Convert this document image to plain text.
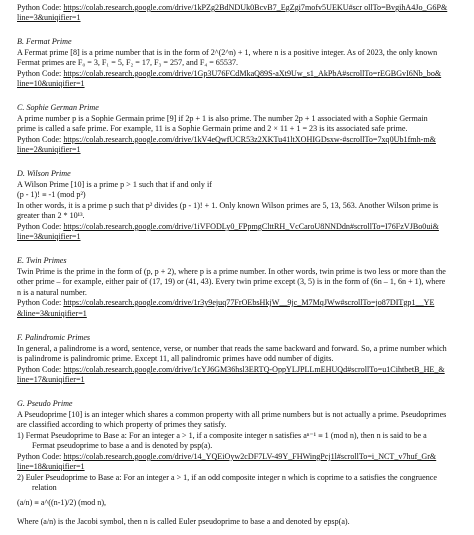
Python Code: https://colab.research.google.com/drive/1kPZg2BdNDUk0BcvB7_EgZgi7mofv5UEKU#scr ollTo=BvgihA4Jo_G6P&
line=3&uniqifier=1
B. Fermat Prime
A Fermat prime [8] is a prime number that is in the form of 2^(2^n) + 1, where n is a positive integer. As of 2023, the only known
Fermat primes are F₀ = 3, F₁ = 5, F₂ = 17, F₃ = 257, and F₄ = 65537.
Python Code: https://colab.research.google.com/drive/1Gp3U76FCdMkaQ89S-aXt9Uw_s1_AkPbA#scrollTo=rEGBGvI6Nb_bo&
line=10&uniqifier=1
C. Sophie German Prime
A prime number p is a Sophie Germain prime [9] if 2p + 1 is also prime. The number 2p + 1 associated with a Sophie Germain
prime is called a safe prime. For example, 11 is a Sophie Germain prime and 2 × 11 + 1 = 23 is its associated safe prime.
Python Code: https://colab.research.google.com/drive/1kV4eQwfUCR53z2XKTu41ltXOHIGDsxw-#scrollTo=7xq0Ub1fmh-m&
line=2&uniqifier=1
D. Wilson Prime
A Wilson Prime [10] is a prime p > 1 such that if and only if
(p - 1)! ≡ -1 (mod p²)
In other words, it is a prime p such that p² divides (p - 1)! + 1. Only known Wilson primes are 5, 13, 563. Another Wilson prime is
greater than 2 * 10¹³.
Python Code: https://colab.research.google.com/drive/1iVFODLy0_FPpmgClttRH_VcCaroU8NNDdn#scrollTo=I76FzVJBo0ui&
line=3&uniqifier=1
E. Twin Primes
Twin Prime is the prime in the form of (p, p + 2), where p is a prime number. In other words, twin prime is two less or more than the
other prime – for example, either pair of (17, 19) or (41, 43). Every twin prime except (3, 5) is in the form of (6n – 1, 6n + 1), where
n is a natural number.
Python Code: https://colab.research.google.com/drive/1r3y9ejuq77FrOEbsHkjW__9jc_M7MqJWw#scrollTo=jo87DITgp1__YE
&line=3&uniqifier=1
F. Palindromic Primes
In general, a palindrome is a word, sentence, verse, or number that reads the same backward and forward. So, a prime number which
is palindrome is palindromic prime. Except 11, all palindromic primes have odd number of digits.
Python Code: https://colab.research.google.com/drive/1cYJ6GM36hsl3ERTQ-OppYLJPLLmEHUQd#scrollTo=u1CihtbetB_HE_&
line=17&uniqifier=1
G. Pseudo Prime
A Pseudoprime [10] is an integer which shares a common property with all prime numbers but is not actually a prime. Pseudoprimes
are classified according to which property of primes they satisfy.
1) Fermat Pseudoprime to Base a: For an integer a > 1, if a composite integer n satisfies aⁿ⁻¹ ≡ 1 (mod n), then n is said to be a
Fermat pseudoprime to base a and is denoted by psp(a).
Python Code: https://colab.research.google.com/drive/14_YQEiOyw2cDF7LV-49Y_FHWingPcj1l#scrollTo=i_NCT_v7huf_Gr&
line=18&uniqifier=1
2) Euler Pseudoprime to Base a: For an integer a > 1, if an odd composite integer n which is coprime to a satisfies the congruence
relation
(a/n) ≡ a^((n-1)/2) (mod n),
Where (a/n) is the Jacobi symbol, then n is called Euler pseudoprime to base a and denoted by epsp(a).
